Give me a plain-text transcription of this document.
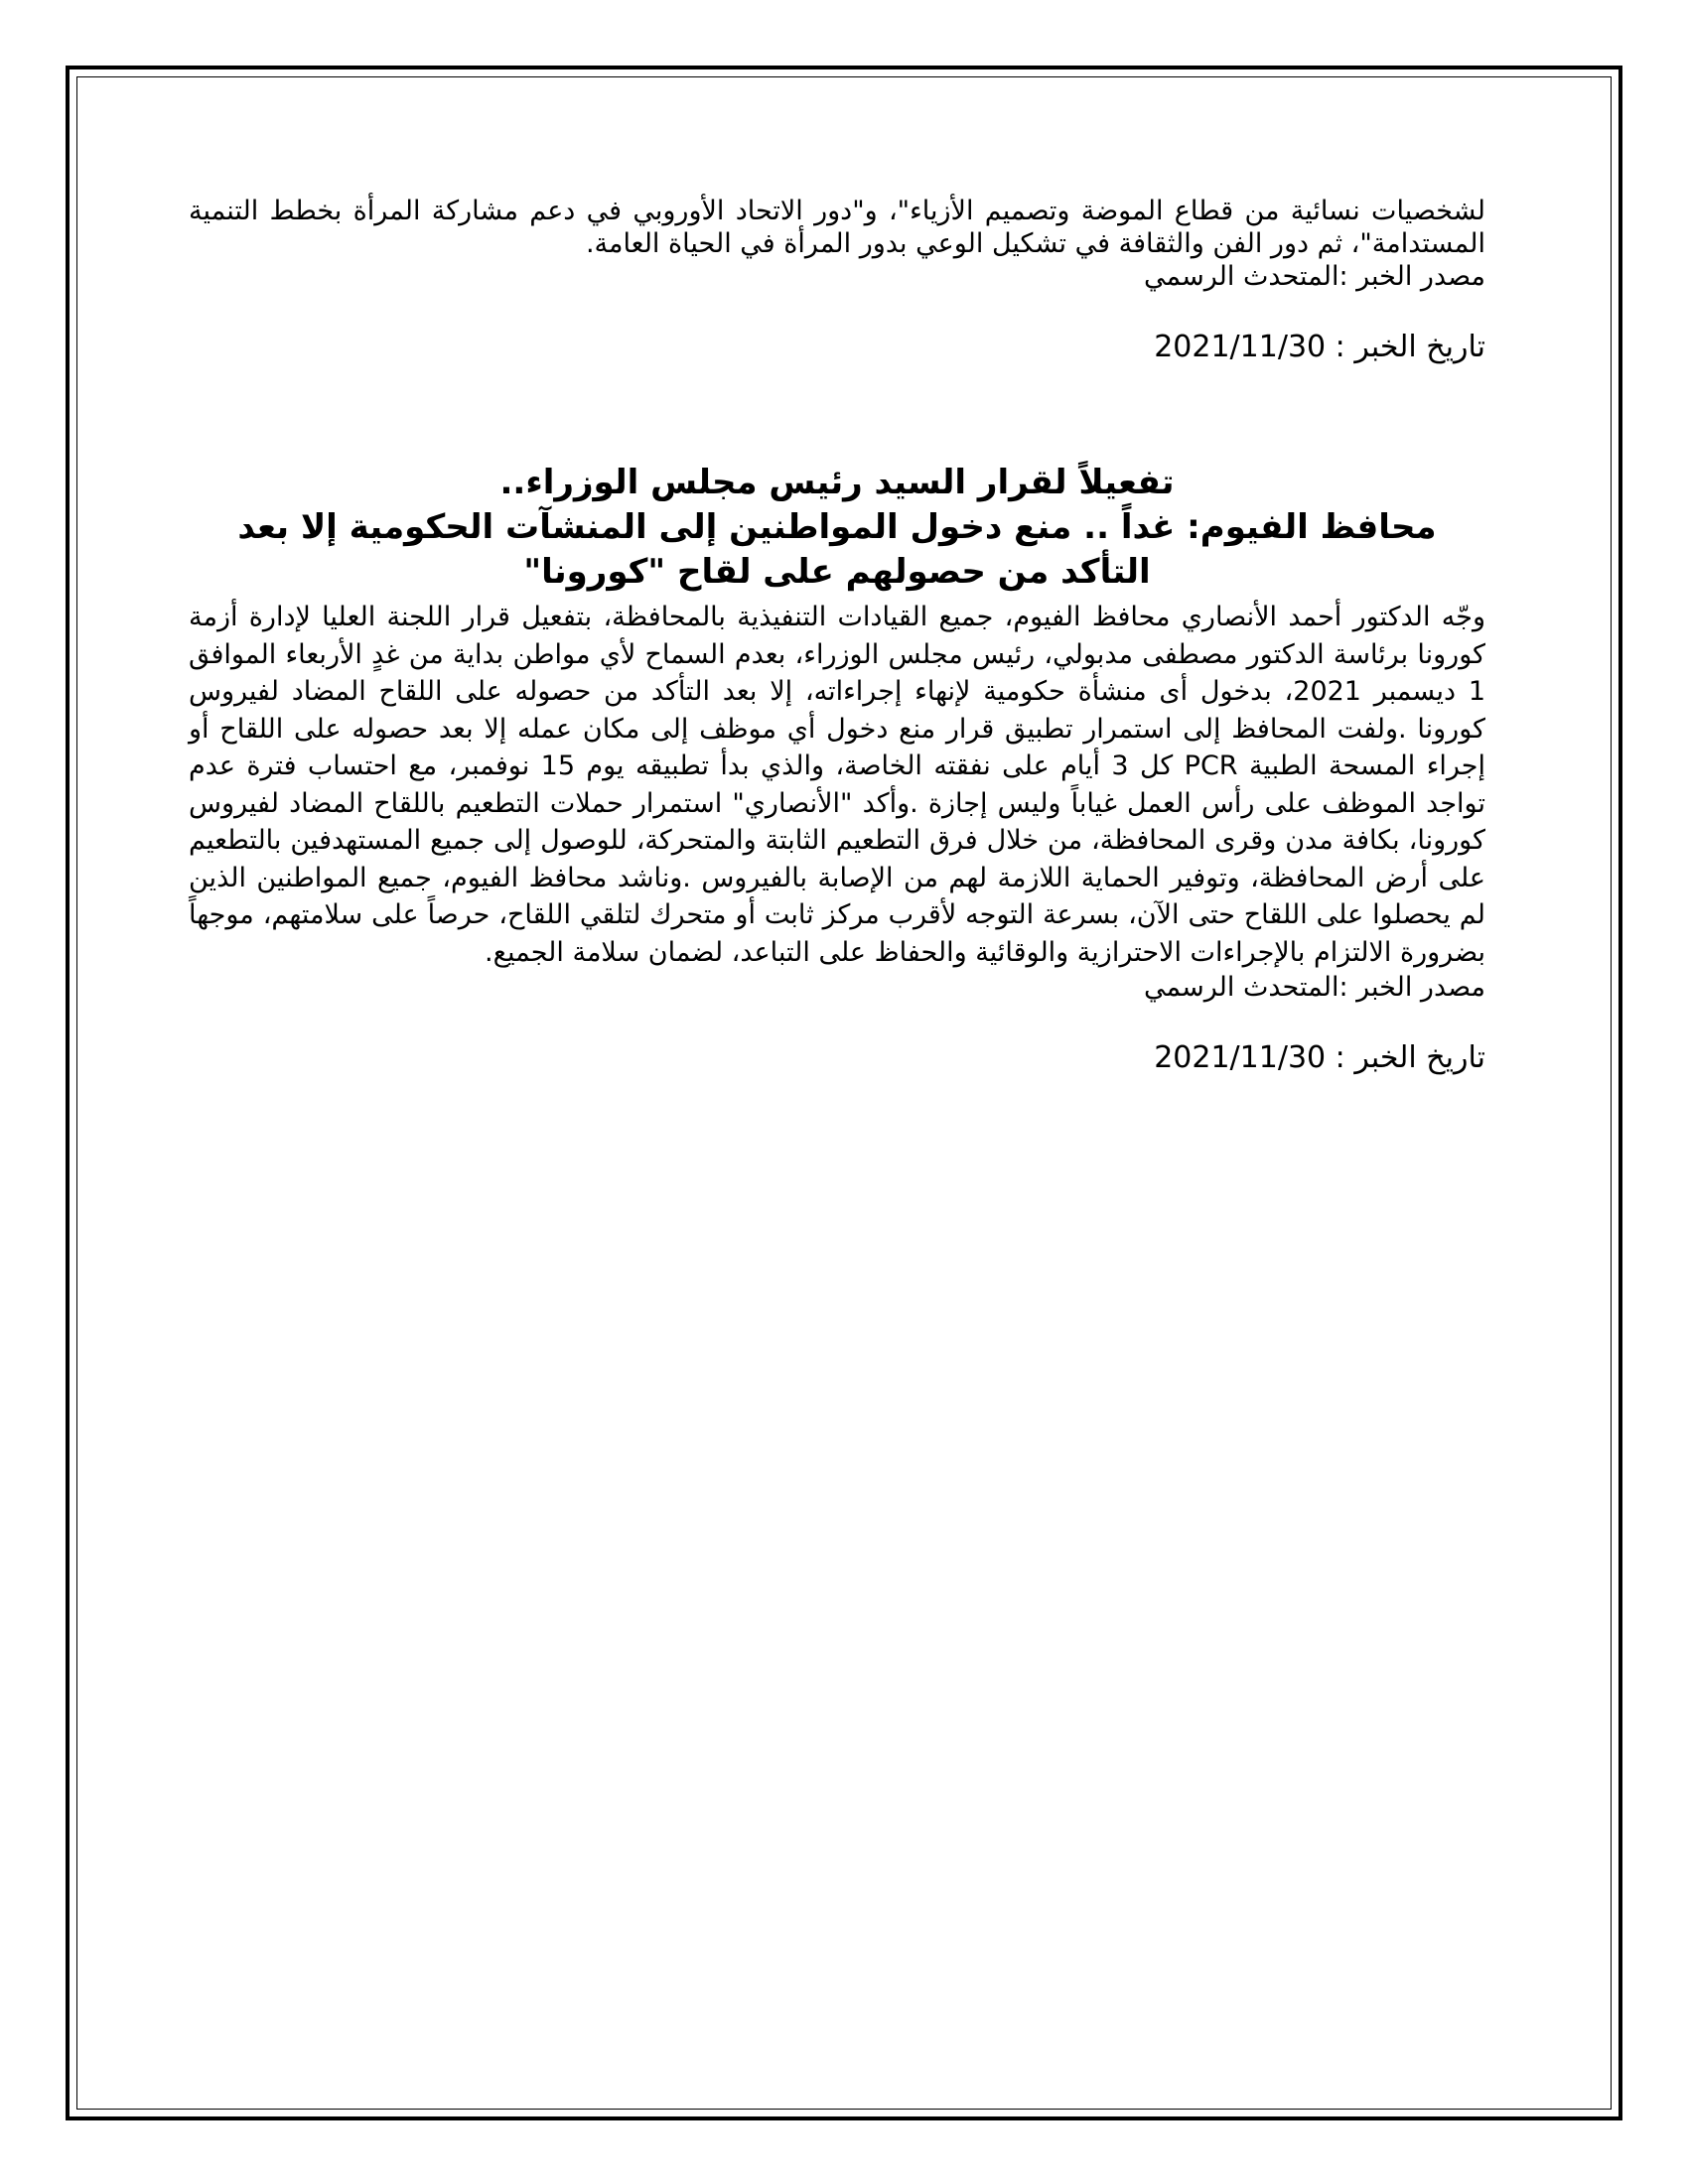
لشخصيات نسائية من قطاع الموضة وتصميم الأزياء"، و"دور الاتحاد الأوروبي في دعم مشاركة المرأة بخطط التنمية المستدامة"، ثم دور الفن والثقافة في تشكيل الوعي بدور المرأة في الحياة العامة.

مصدر الخبر :المتحدث الرسمي

تاريخ الخبر : 2021/11/30

تفعيلاً لقرار السيد رئيس مجلس الوزراء..

محافظ الفيوم: غداً .. منع دخول المواطنين إلى المنشآت الحكومية إلا بعد التأكد من حصولهم على لقاح "كورونا"

وجّه الدكتور أحمد الأنصاري محافظ الفيوم، جميع القيادات التنفيذية بالمحافظة، بتفعيل قرار اللجنة العليا لإدارة أزمة كورونا برئاسة الدكتور مصطفى مدبولي، رئيس مجلس الوزراء، بعدم السماح لأي مواطن بداية من غدٍ الأربعاء الموافق 1 ديسمبر 2021، بدخول أى منشأة حكومية لإنهاء إجراءاته، إلا بعد التأكد من حصوله على اللقاح المضاد لفيروس كورونا .ولفت المحافظ إلى استمرار تطبيق قرار منع دخول أي موظف إلى مكان عمله إلا بعد حصوله على اللقاح أو إجراء المسحة الطبية PCR كل 3 أيام على نفقته الخاصة، والذي بدأ تطبيقه يوم 15 نوفمبر، مع احتساب فترة عدم تواجد الموظف على رأس العمل غياباً وليس إجازة .وأكد "الأنصاري" استمرار حملات التطعيم باللقاح المضاد لفيروس كورونا، بكافة مدن وقرى المحافظة، من خلال فرق التطعيم الثابتة والمتحركة، للوصول إلى جميع المستهدفين بالتطعيم على أرض المحافظة، وتوفير الحماية اللازمة لهم من الإصابة بالفيروس .وناشد محافظ الفيوم، جميع المواطنين الذين لم يحصلوا على اللقاح حتى الآن، بسرعة التوجه لأقرب مركز ثابت أو متحرك لتلقي اللقاح، حرصاً على سلامتهم، موجهاً بضرورة الالتزام بالإجراءات الاحترازية والوقائية والحفاظ على التباعد، لضمان سلامة الجميع.

مصدر الخبر :المتحدث الرسمي

تاريخ الخبر : 2021/11/30
